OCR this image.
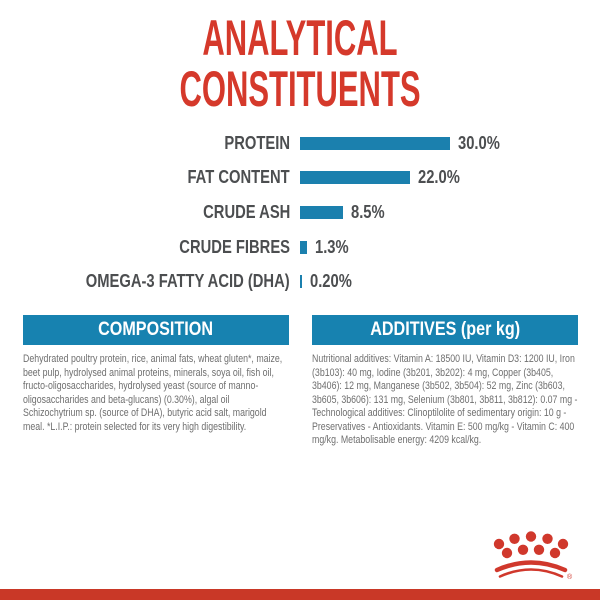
ANALYTICAL
CONSTITUENTS
PROTEIN	30.0%
FAT CONTENT	22.0%
CRUDE ASH	8.5%
CRUDE FIBRES 1.3%
OMEGA-3 FATTY ACID (DHA) 0.20%
COMPOSITION
Dehydrated poultry protein, rice, animal fats, wheat gluten*, maize, beet pulp, hydrolysed animal proteins, minerals, soya oil, fish oil, fructo-oligosaccharides, hydrolysed yeast (source of manno-oligosaccharides and beta-glucans) (0.30%), algal oil Schizochytrium sp. (source of DHA), butyric acid salt, marigold meal. *L.I.P.: protein selected for its very high digestibility.
ADDITIVES (per kg)
Nutritional additives: Vitamin A: 18500 IU, Vitamin D3: 1200 IU, Iron (3b103): 40 mg, Iodine (3b201, 3b202): 4 mg, Copper (3b405, 3b406): 12 mg, Manganese (3b502, 3b504): 52 mg, Zinc (3b603, 3b605, 3b606): 131 mg, Selenium (3b801, 3b811, 3b812): 0.07 mg - Technological additives: Clinoptilolite of sedimentary origin: 10 g - Preservatives - Antioxidants. Vitamin E: 500 mg/kg - Vitamin C: 400 mg/kg. Metabolisable energy: 4209 kcal/kg.
®
